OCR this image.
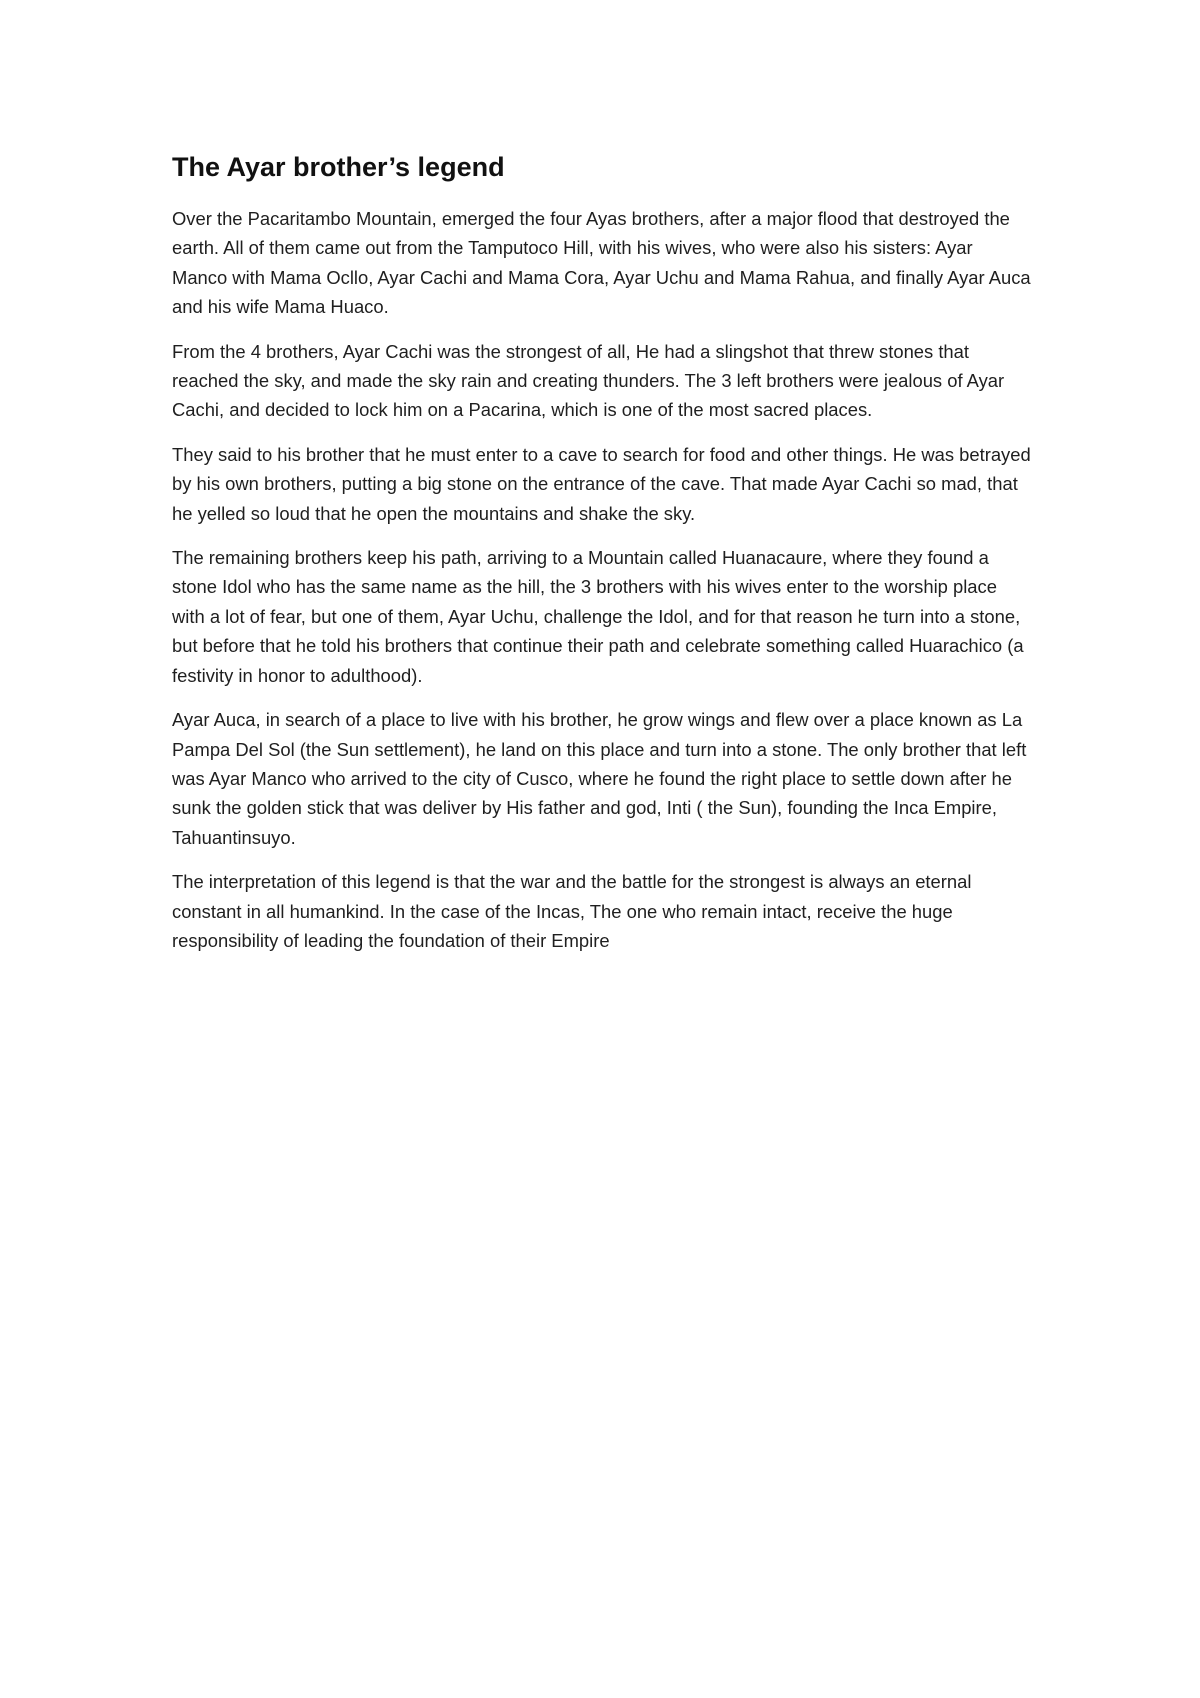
The Ayar brother’s legend

Over the Pacaritambo Mountain, emerged the four Ayas brothers, after a major flood that destroyed the earth. All of them came out from the Tamputoco Hill, with his wives, who were also his sisters: Ayar Manco with Mama Ocllo, Ayar Cachi and Mama Cora, Ayar Uchu and Mama Rahua, and finally Ayar Auca and his wife Mama Huaco.

From the 4 brothers, Ayar Cachi was the strongest of all, He had a slingshot that threw stones that reached the sky, and made the sky rain and creating thunders. The 3 left brothers were jealous of Ayar Cachi, and decided to lock him on a Pacarina, which is one of the most sacred places.

They said to his brother that he must enter to a cave to search for food and other things. He was betrayed by his own brothers, putting a big stone on the entrance of the cave. That made Ayar Cachi so mad, that he yelled so loud that he open the mountains and shake the sky.

The remaining brothers keep his path, arriving to a Mountain called Huanacaure, where they found a stone Idol who has the same name as the hill, the 3 brothers with his wives enter to the worship place with a lot of fear, but one of them, Ayar Uchu, challenge the Idol, and for that reason he turn into a stone, but before that he told his brothers that continue their path and celebrate something called Huarachico (a festivity in honor to adulthood).

Ayar Auca, in search of a place to live with his brother, he grow wings and flew over a place known as La Pampa Del Sol (the Sun settlement), he land on this place and turn into a stone. The only brother that left was Ayar Manco who arrived to the city of Cusco, where he found the right place to settle down after he sunk the golden stick that was deliver by His father and god, Inti ( the Sun), founding the Inca Empire, Tahuantinsuyo.

The interpretation of this legend is that the war and the battle for the strongest is always an eternal constant in all humankind. In the case of the Incas, The one who remain intact, receive the huge responsibility of leading the foundation of their Empire
